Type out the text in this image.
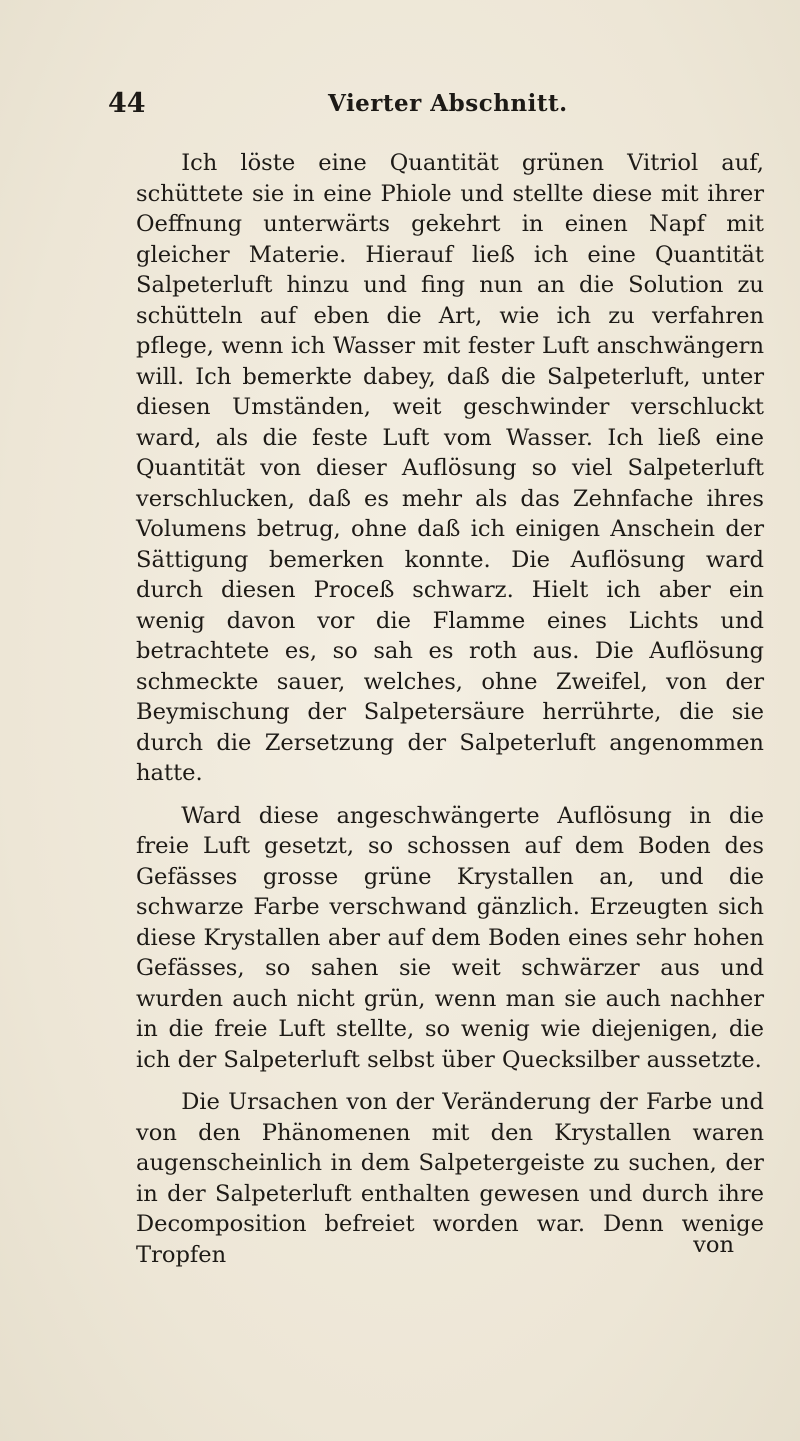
44	Vierter Abschnitt.

Ich löste eine Quantität grünen Vitriol auf, schüttete sie in eine Phiole und stellte diese mit ihrer Oeffnung unterwärts gekehrt in einen Napf mit gleicher Materie. Hierauf ließ ich eine Quantität Salpeterluft hinzu und fing nun an die Solution zu schütteln auf eben die Art, wie ich zu verfahren pflege, wenn ich Wasser mit fester Luft anschwängern will. Ich bemerkte dabey, daß die Salpeterluft, unter diesen Umständen, weit geschwinder verschluckt ward, als die feste Luft vom Wasser. Ich ließ eine Quantität von dieser Auflösung so viel Salpeterluft verschlucken, daß es mehr als das Zehnfache ihres Volumens betrug, ohne daß ich einigen Anschein der Sättigung bemerken konnte. Die Auflösung ward durch diesen Proceß schwarz. Hielt ich aber ein wenig davon vor die Flamme eines Lichts und betrachtete es, so sah es roth aus. Die Auflösung schmeckte sauer, welches, ohne Zweifel, von der Beymischung der Salpetersäure herrührte, die sie durch die Zersetzung der Salpeterluft angenommen hatte.

Ward diese angeschwängerte Auflösung in die freie Luft gesetzt, so schossen auf dem Boden des Gefässes grosse grüne Krystallen an, und die schwarze Farbe verschwand gänzlich. Erzeugten sich diese Krystallen aber auf dem Boden eines sehr hohen Gefässes, so sahen sie weit schwärzer aus und wurden auch nicht grün, wenn man sie auch nachher in die freie Luft stellte, so wenig wie diejenigen, die ich der Salpeterluft selbst über Quecksilber aussetzte.

Die Ursachen von der Veränderung der Farbe und von den Phänomenen mit den Krystallen waren augenscheinlich in dem Salpetergeiste zu suchen, der in der Salpeterluft enthalten gewesen und durch ihre Decomposition befreiet worden war. Denn wenige Tropfen	von
